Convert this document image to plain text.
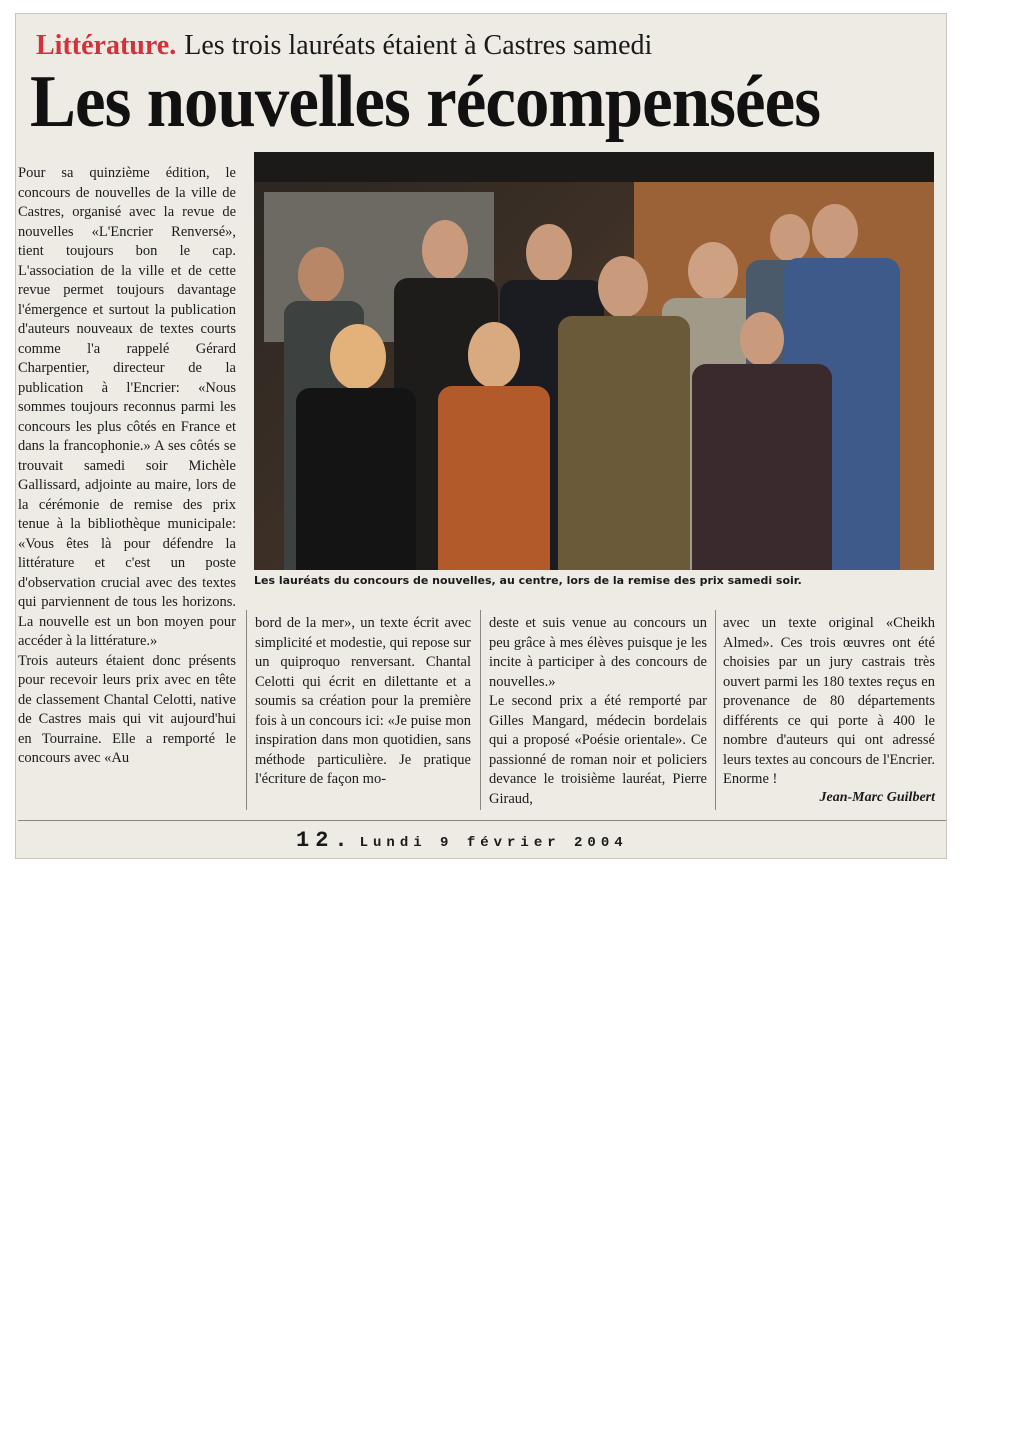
Littérature. Les trois lauréats étaient à Castres samedi
Les nouvelles récompensées

Pour sa quinzième édition, le concours de nouvelles de la ville de Castres, organisé avec la revue de nouvelles «L'Encrier Renversé», tient toujours bon le cap. L'association de la ville et de cette revue permet toujours davantage l'émergence et surtout la publication d'auteurs nouveaux de textes courts comme l'a rappelé Gérard Charpentier, directeur de la publication à l'Encrier: «Nous sommes toujours reconnus parmi les concours les plus côtés en France et dans la francophonie.» A ses côtés se trouvait samedi soir Michèle Gallissard, adjointe au maire, lors de la cérémonie de remise des prix tenue à la bibliothèque municipale: «Vous êtes là pour défendre la littérature et c'est un poste d'observation crucial avec des textes qui parviennent de tous les horizons. La nouvelle est un bon moyen pour accéder à la littérature.»

Trois auteurs étaient donc présents pour recevoir leurs prix avec en tête de classement Chantal Celotti, native de Castres mais qui vit aujourd'hui en Tourraine. Elle a remporté le concours avec «Au

Les lauréats du concours de nouvelles, au centre, lors de la remise des prix samedi soir.

bord de la mer», un texte écrit avec simplicité et modestie, qui repose sur un quiproquo renversant. Chantal Celotti qui écrit en dilettante et a soumis sa création pour la première fois à un concours ici: «Je puise mon inspiration dans mon quotidien, sans méthode particulière. Je pratique l'écriture de façon mo-

deste et suis venue au concours un peu grâce à mes élèves puisque je les incite à participer à des concours de nouvelles.»

Le second prix a été remporté par Gilles Mangard, médecin bordelais qui a proposé «Poésie orientale». Ce passionné de roman noir et policiers devance le troisième lauréat, Pierre Giraud,

avec un texte original «Cheikh Almed». Ces trois œuvres ont été choisies par un jury castrais très ouvert parmi les 180 textes reçus en provenance de 80 départements différents ce qui porte à 400 le nombre d'auteurs qui ont adressé leurs textes au concours de l'Encrier. Enorme !

Jean-Marc Guilbert
12. Lundi 9 février 2004
